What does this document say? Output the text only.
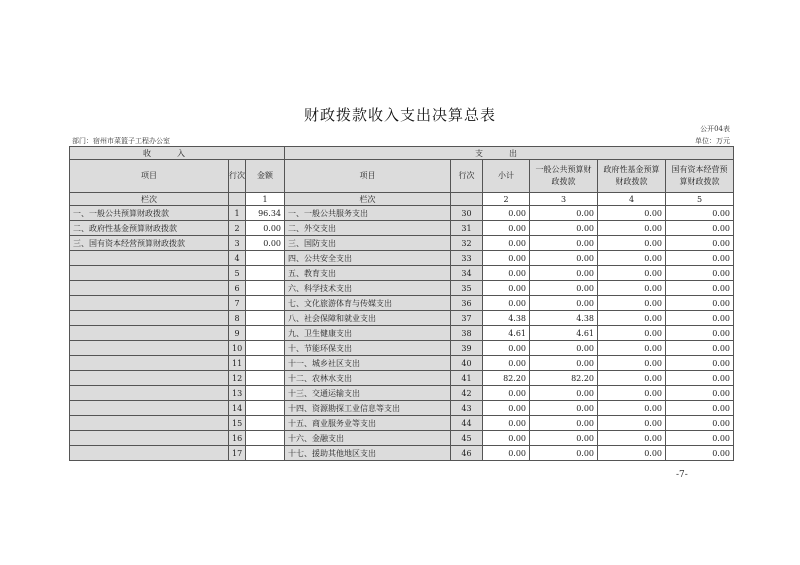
财政拨款收入支出决算总表
公开04表
部门：宿州市菜篮子工程办公室	单位：万元
收入			支出					
项目	行次	金额	项目	行次	小计	一般公共预算财政拨款	政府性基金预算财政拨款	国有资本经营预算财政拨款
栏次		1	栏次		2	3	4	5
一、一般公共预算财政拨款	1	96.34	一、一般公共服务支出	30	0.00	0.00	0.00	0.00
二、政府性基金预算财政拨款	2	0.00	二、外交支出	31	0.00	0.00	0.00	0.00
三、国有资本经营预算财政拨款	3	0.00	三、国防支出	32	0.00	0.00	0.00	0.00
	4		四、公共安全支出	33	0.00	0.00	0.00	0.00
	5		五、教育支出	34	0.00	0.00	0.00	0.00
	6		六、科学技术支出	35	0.00	0.00	0.00	0.00
	7		七、文化旅游体育与传媒支出	36	0.00	0.00	0.00	0.00
	8		八、社会保障和就业支出	37	4.38	4.38	0.00	0.00
	9		九、卫生健康支出	38	4.61	4.61	0.00	0.00
	10		十、节能环保支出	39	0.00	0.00	0.00	0.00
	11		十一、城乡社区支出	40	0.00	0.00	0.00	0.00
	12		十二、农林水支出	41	82.20	82.20	0.00	0.00
	13		十三、交通运输支出	42	0.00	0.00	0.00	0.00
	14		十四、资源勘探工业信息等支出	43	0.00	0.00	0.00	0.00
	15		十五、商业服务业等支出	44	0.00	0.00	0.00	0.00
	16		十六、金融支出	45	0.00	0.00	0.00	0.00
	17		十七、援助其他地区支出	46	0.00	0.00	0.00	0.00
-7-
